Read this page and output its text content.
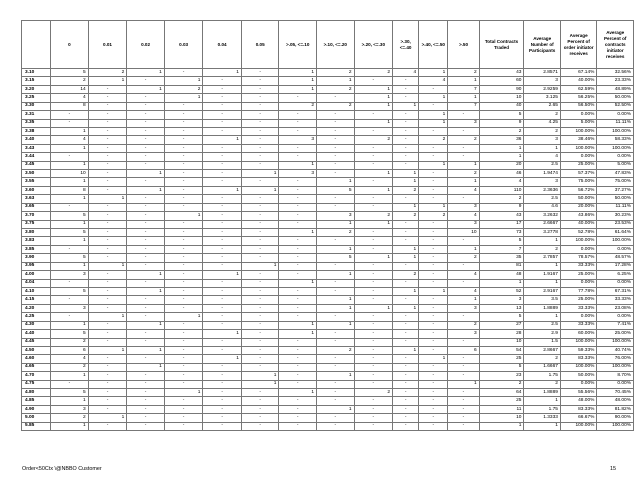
	0	0.01	0.02	0.03	0.04	0.05	>.05, <=.10	>.10, <=.20	>.20, <=.30	>.30, <=.40	>.40, <=.50	>.50	Total Contracts Traded	Average Number of Participants	Average Percent of order initiator receives	Average Percent of contracts initiator receives
3.10	5	2	1	-	1	-	1	2	2	4	1	2	43	2.8571	67.14%	32.56%
3.15	2	1	-	1	-	-	1	1	-	-	4	1	60	3	40.00%	23.33%
3.20	14	-	1	2	-	-	1	2	1	-	-	7	90	2.9259	62.59%	48.89%
3.25	4	-	-	1	-	-	-	-	1	-	1	1	10	3.125	56.25%	50.00%
3.30	8	-	-	-	-	-	2	2	1	1	-	7	40	2.65	56.50%	52.50%
3.31	-	-	-	-	-	-	-	-	-	-	1	-	5	2	0.00%	0.00%
3.35	-	-	-	-	-	-	-	-	1	-	1	3	9	4.25	5.00%	11.11%
3.38	1	-	-	-	-	-	-	-	-	-	-	-	2	2	100.00%	100.00%
3.40	4	-	-	-	1	-	3	-	2	-	2	2	36	3	38.46%	58.33%
3.43	1	-	-	-	-	-	-	-	-	-	-	-	1	1	100.00%	100.00%
3.44	-	-	-	-	-	-	-	-	-	-	-	-	1	4	0.00%	0.00%
3.45	1	-	-	-	-	-	1	-	-	-	1	1	20	2.5	25.00%	5.00%
3.50	10	-	1	-	-	1	3	-	1	1	-	2	46	1.9474	57.37%	47.83%
3.55	1	-	-	-	-	-	-	1	-	1	-	1	4	3	75.00%	75.00%
3.60	8	-	1	-	1	1	-	5	1	2	-	4	110	2.3636	56.72%	37.27%
3.63	1	1	-	-	-	-	-	-	-	-	-	-	2	2.5	50.00%	50.00%
3.65	-	-	-	-	-	-	-	-	-	1	1	3	9	4.6	20.00%	11.11%
3.70	5	-	-	1	-	-	-	3	2	2	2	4	43	3.2632	43.86%	30.23%
3.75	1	-	-	-	-	-	-	1	1	-	-	3	17	2.6667	40.00%	23.53%
3.80	5	-	-	-	-	-	1	2	-	-	-	10	73	3.2778	52.78%	61.64%
3.83	1	-	-	-	-	-	-	-	-	-	-	-	5	1	100.00%	100.00%
3.85	-	-	-	-	-	-	-	1	-	1	-	1	7	2	0.00%	0.00%
3.90	5	-	-	-	-	-	-	5	1	1	-	2	35	2.7857	78.57%	48.57%
3.95	1	1	-	-	-	1	-	-	-	-	-	-	81	1	33.33%	17.28%
4.00	3	-	1	-	1	-	-	1	-	2	-	4	48	1.9167	25.00%	6.25%
4.04	-	-	-	-	-	-	1	-	-	-	-	-	1	1	0.00%	0.00%
4.10	5	-	1	-	-	-	-	-	-	1	1	4	52	2.9167	77.78%	67.31%
4.15	-	-	-	-	-	-	-	1	-	-	-	1	3	3.5	25.00%	33.33%
4.20	3	-	-	-	-	-	-	1	1	1	-	3	13	1.8889	33.33%	23.08%
4.25	-	1	-	1	-	-	-	-	-	-	-	-	5	1	0.00%	0.00%
4.30	1	-	1	-	-	-	1	1	-	-	-	2	27	2.5	33.33%	7.41%
4.40	5	-	-	-	1	-	1	-	-	-	-	3	28	2.9	60.00%	25.00%
4.45	2	-	-	-	-	-	-	-	-	-	-	-	10	1.5	100.00%	100.00%
4.50	6	1	1	-	-	-	-	2	-	1	-	6	54	2.8667	59.33%	40.74%
4.60	4	-	-	-	1	-	-	-	-	-	1	-	25	2	83.33%	76.00%
4.65	2	-	1	-	-	-	-	-	-	-	-	-	5	1.6667	100.00%	100.00%
4.70	1	-	-	-	-	1	-	1	-	-	-	-	23	1.75	50.00%	8.70%
4.75	-	-	-	-	-	1	-	-	-	-	-	1	2	2	0.00%	0.00%
4.80	5	-	-	1	-	-	1	-	2	-	-	-	64	1.8889	55.56%	70.45%
4.85	1	-	-	-	-	-	-	-	-	-	-	-	25	1	48.00%	48.00%
4.90	3	-	-	-	-	-	-	1	-	-	-	-	11	1.75	83.33%	81.82%
5.00	2	1	-	-	-	-	-	-	-	-	-	-	10	1.3333	66.67%	90.00%
5.85	1	-	-	-	-	-	-	-	-	-	-	-	1	1	100.00%	100.00%
Order<50Ctx \@NBBO Customer	15
